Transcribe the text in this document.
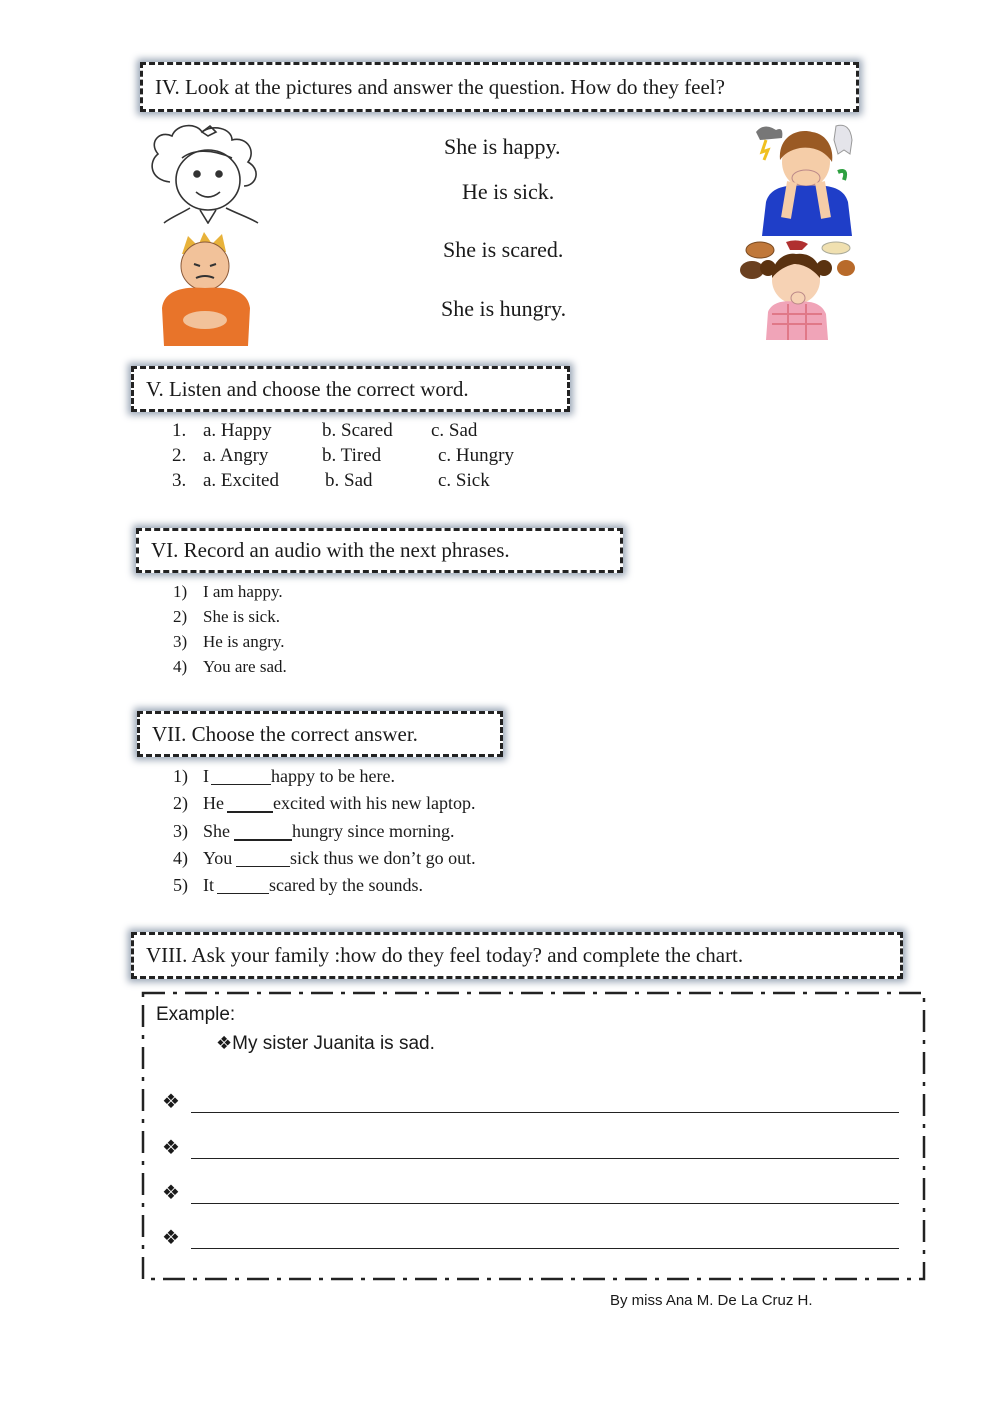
IV. Look at the pictures and answer the question. How do they feel?
She is happy.
He is sick.
She is scared.
She is hungry.
V. Listen and choose the correct word.
1. a. Happy	b. Scared c. Sad
2. a. Angry	b. Tired	c. Hungry
3. a. Excited b. Sad	c. Sick
VI. Record an audio with the next phrases.
1) I am happy.
2) She is sick.
3) He is angry.
4) You are sad.
VII. Choose the correct answer.
1) I	happy to be here.
2) He	excited with his new laptop.
3) She	hungry since morning.
4) You	sick thus we don’t go out.
5) It	scared by the sounds.
VIII. Ask your family :how do they feel today? and complete the chart.
Example:
❖My sister Juanita is sad.
❖
❖
❖
❖
By miss Ana M. De La Cruz H.
